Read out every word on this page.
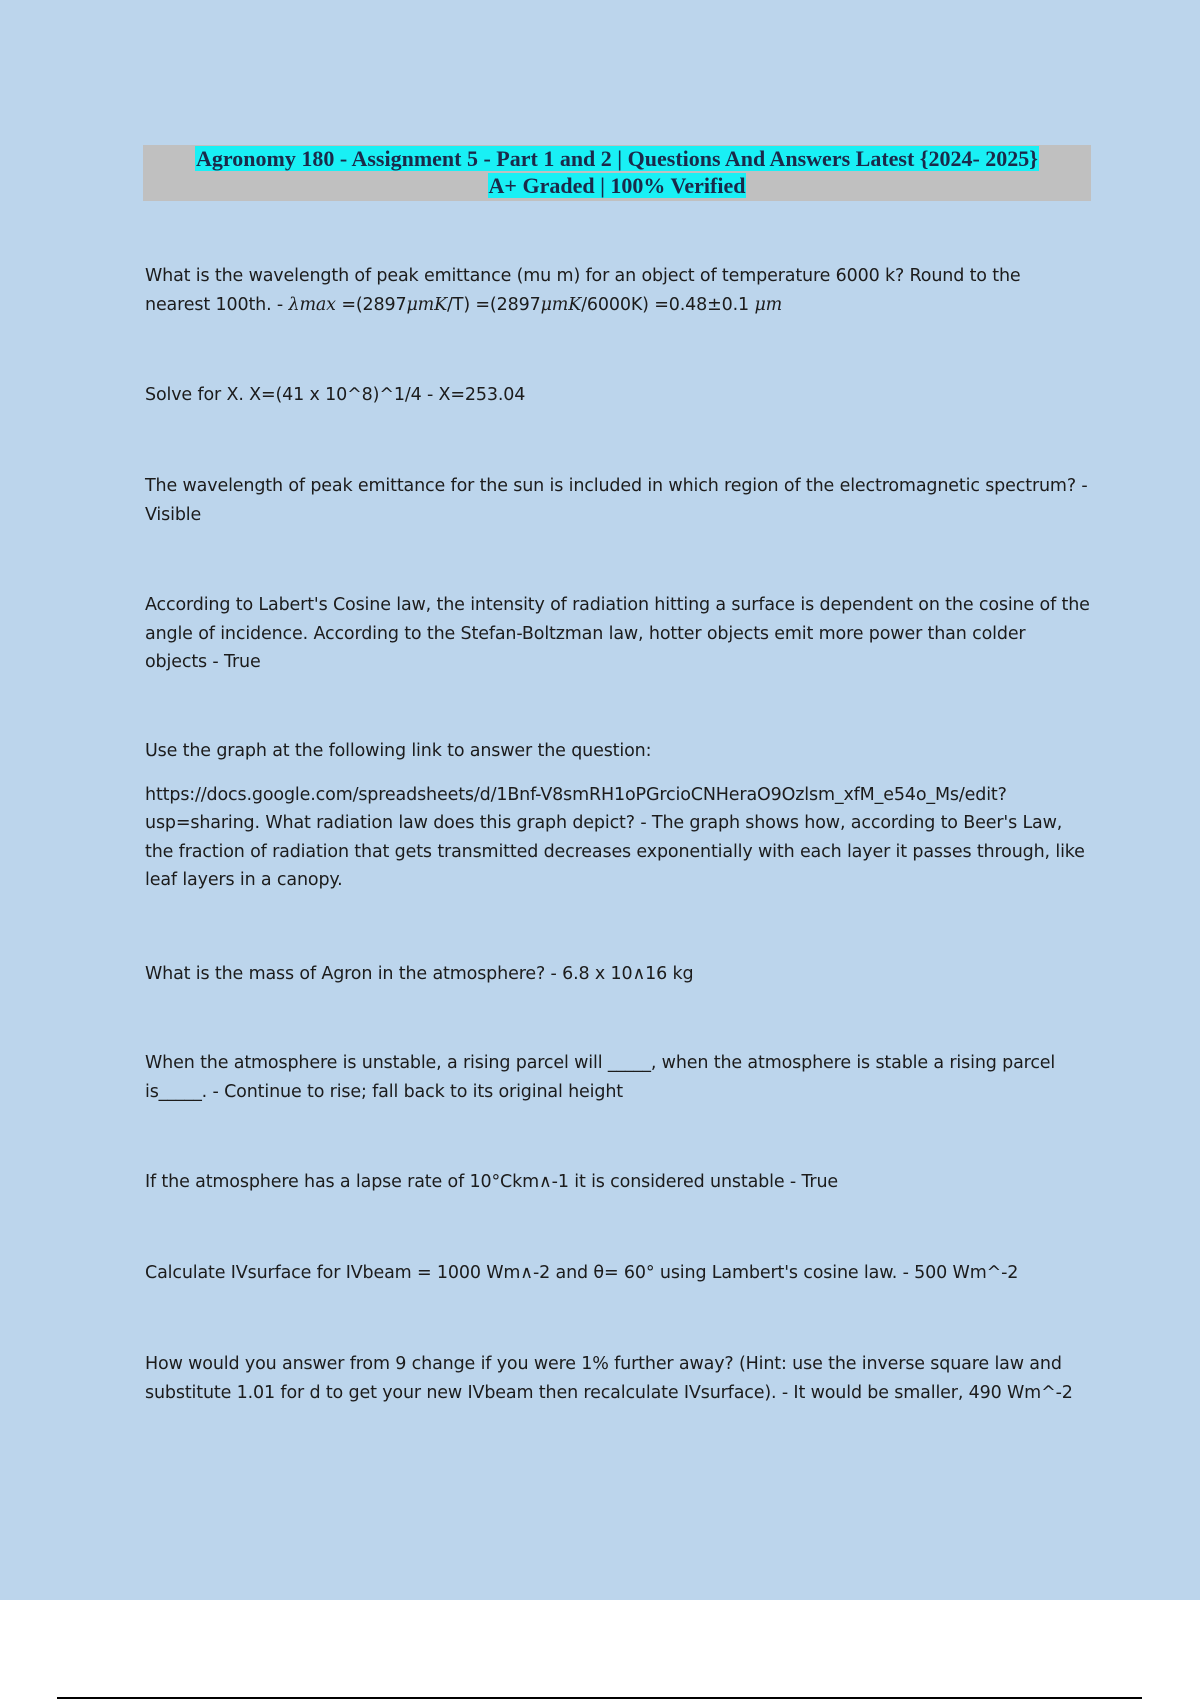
Agronomy 180 - Assignment 5 - Part 1 and 2 | Questions And Answers Latest {2024- 2025}
A+ Graded | 100% Verified

What is the wavelength of peak emittance (mu m) for an object of temperature 6000 k? Round to the nearest 100th. - λmax =(2897μmK/T) =(2897μmK/6000K) =0.48±0.1 μm

Solve for X. X=(41 x 10^8)^1/4 - X=253.04

The wavelength of peak emittance for the sun is included in which region of the electromagnetic spectrum? - Visible

According to Labert's Cosine law, the intensity of radiation hitting a surface is dependent on the cosine of the angle of incidence. According to the Stefan-Boltzman law, hotter objects emit more power than colder objects - True

Use the graph at the following link to answer the question:

https://docs.google.com/spreadsheets/d/1Bnf-V8smRH1oPGrcioCNHeraO9Ozlsm_xfM_e54o_Ms/edit?usp=sharing. What radiation law does this graph depict? - The graph shows how, according to Beer's Law, the fraction of radiation that gets transmitted decreases exponentially with each layer it passes through, like leaf layers in a canopy.

What is the mass of Agron in the atmosphere? - 6.8 x 10∧16 kg

When the atmosphere is unstable, a rising parcel will _____, when the atmosphere is stable a rising parcel is_____. - Continue to rise; fall back to its original height

If the atmosphere has a lapse rate of 10°Ckm∧-1 it is considered unstable - True

Calculate IVsurface for IVbeam = 1000 Wm∧-2 and θ= 60° using Lambert's cosine law. - 500 Wm^-2

How would you answer from 9 change if you were 1% further away? (Hint: use the inverse square law and substitute 1.01 for d to get your new IVbeam then recalculate IVsurface). - It would be smaller, 490 Wm^-2
